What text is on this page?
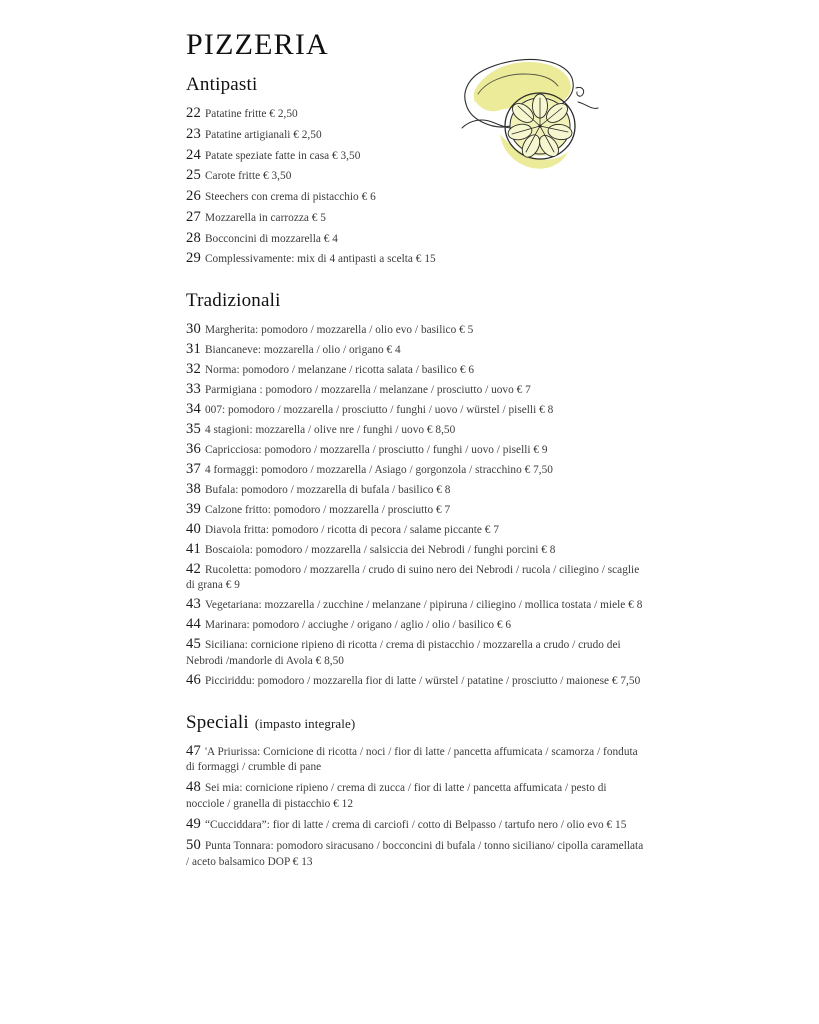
PIZZERIA
Antipasti

22 Patatine fritte € 2,50

23 Patatine artigianali € 2,50

24 Patate speziate fatte in casa € 3,50

25 Carote fritte € 3,50

26 Steechers con crema di pistacchio € 6

27 Mozzarella in carrozza € 5

28 Bocconcini di mozzarella € 4

29 Complessivamente: mix di 4 antipasti a scelta € 15

Tradizionali

30 Margherita: pomodoro / mozzarella / olio evo / basilico € 5

31 Biancaneve: mozzarella / olio / origano € 4

32 Norma: pomodoro / melanzane / ricotta salata / basilico € 6

33 Parmigiana : pomodoro / mozzarella / melanzane / prosciutto / uovo € 7

34 007: pomodoro / mozzarella / prosciutto / funghi / uovo / würstel / piselli € 8

35 4 stagioni: mozzarella / olive nre / funghi / uovo € 8,50

36 Capricciosa: pomodoro / mozzarella / prosciutto / funghi / uovo / piselli € 9

37 4 formaggi: pomodoro / mozzarella / Asiago / gorgonzola / stracchino € 7,50

38 Bufala: pomodoro / mozzarella di bufala / basilico € 8

39 Calzone fritto: pomodoro / mozzarella / prosciutto € 7

40 Diavola fritta: pomodoro / ricotta di pecora / salame piccante € 7

41 Boscaiola: pomodoro / mozzarella / salsiccia dei Nebrodi / funghi porcini € 8

42 Rucoletta: pomodoro / mozzarella / crudo di suino nero dei Nebrodi / rucola / ciliegino / scaglie di grana € 9

43 Vegetariana: mozzarella / zucchine / melanzane / pipiruna / ciliegino / mollica tostata / miele € 8

44 Marinara: pomodoro / acciughe / origano / aglio / olio / basilico € 6

45 Siciliana: cornicione ripieno di ricotta / crema di pistacchio / mozzarella a crudo / crudo dei Nebrodi /mandorle di Avola € 8,50

46 Picciriddu: pomodoro / mozzarella fior di latte / würstel / patatine / prosciutto / maionese € 7,50

Speciali (impasto integrale)

47 'A Priurissa: Cornicione di ricotta / noci / fior di latte / pancetta affumicata / scamorza / fonduta di formaggi / crumble di pane

48 Sei mia: cornicione ripieno / crema di zucca / fior di latte / pancetta affumicata / pesto di nocciole / granella di pistacchio € 12

49 “Cucciddara”: fior di latte / crema di carciofi / cotto di Belpasso / tartufo nero / olio evo € 15

50 Punta Tonnara: pomodoro siracusano / bocconcini di bufala / tonno siciliano/ cipolla caramellata / aceto balsamico DOP € 13
